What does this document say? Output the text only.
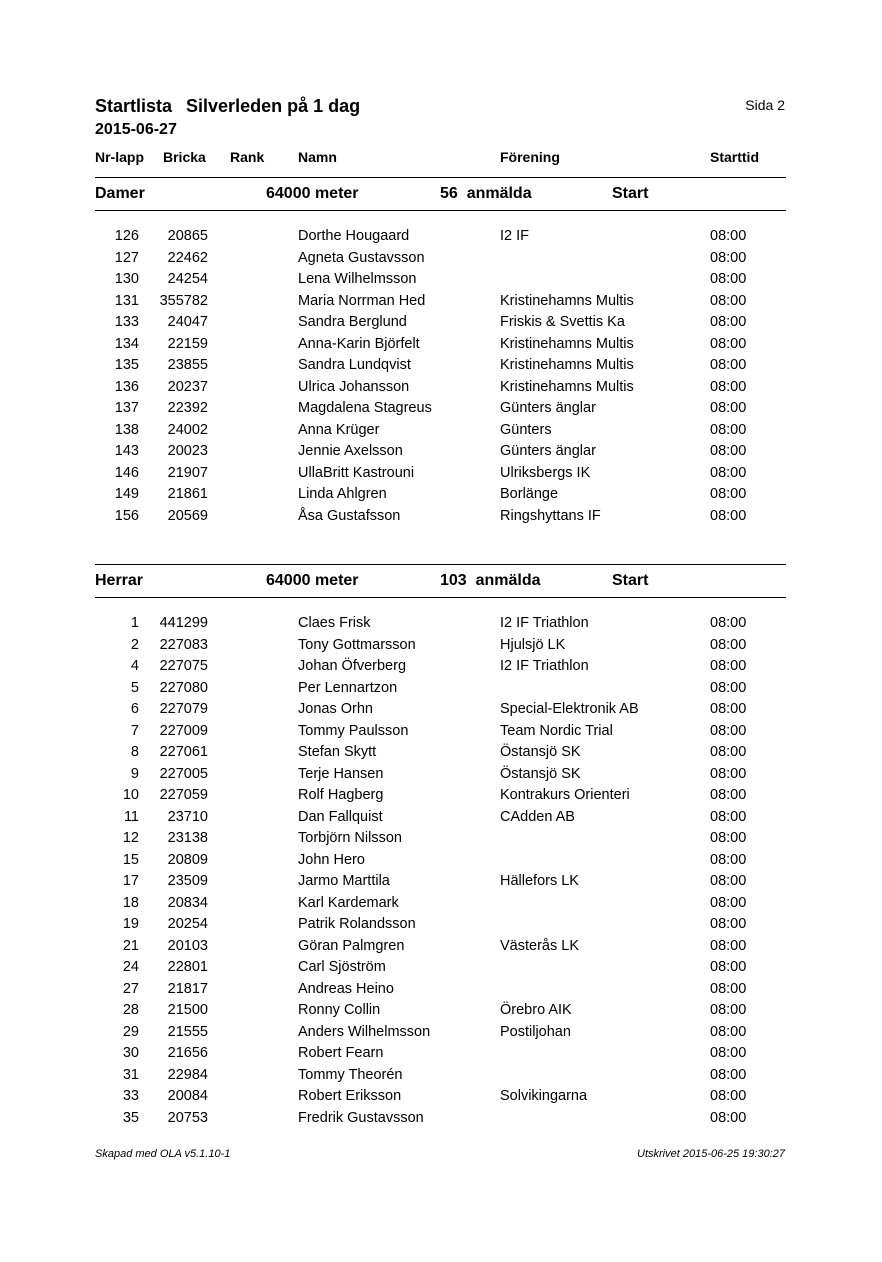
Startlista Silverleden på 1 dag
2015-06-27
Sida 2
Nr-lapp Bricka Rank Namn	Förening	Starttid
Damer	64000 meter	56 anmälda	Start
126 20865	Dorthe Hougaard	I2 IF	08:00
127 22462	Agneta Gustavsson	08:00
130 24254	Lena Wilhelmsson	08:00
131 355782	Maria Norrman Hed	Kristinehamns Multis	08:00
133 24047	Sandra Berglund	Friskis & Svettis Ka	08:00
134 22159	Anna-Karin Björfelt	Kristinehamns Multis	08:00
135 23855	Sandra Lundqvist	Kristinehamns Multis	08:00
136 20237	Ulrica Johansson	Kristinehamns Multis	08:00
137 22392	Magdalena Stagreus	Günters änglar	08:00
138 24002	Anna Krüger	Günters	08:00
143 20023	Jennie Axelsson	Günters änglar	08:00
146 21907	UllaBritt Kastrouni	Ulriksbergs IK	08:00
149 21861	Linda Ahlgren	Borlänge	08:00
156 20569	Åsa Gustafsson	Ringshyttans IF	08:00
Herrar	64000 meter	103 anmälda	Start
1 441299	Claes Frisk	I2 IF Triathlon	08:00
2 227083	Tony Gottmarsson	Hjulsjö LK	08:00
4 227075	Johan Öfverberg	I2 IF Triathlon	08:00
5 227080	Per Lennartzon	08:00
6 227079	Jonas Orhn	Special-Elektronik AB	08:00
7 227009	Tommy Paulsson	Team Nordic Trial	08:00
8 227061	Stefan Skytt	Östansjö SK	08:00
9 227005	Terje Hansen	Östansjö SK	08:00
10 227059	Rolf Hagberg	Kontrakurs Orienteri	08:00
11 23710	Dan Fallquist	CAdden AB	08:00
12 23138	Torbjörn Nilsson	08:00
15 20809	John Hero	08:00
17 23509	Jarmo Marttila	Hällefors LK	08:00
18 20834	Karl Kardemark	08:00
19 20254	Patrik Rolandsson	08:00
21 20103	Göran Palmgren	Västerås LK	08:00
24 22801	Carl Sjöström	08:00
27 21817	Andreas Heino	08:00
28 21500	Ronny Collin	Örebro AIK	08:00
29 21555	Anders Wilhelmsson	Postiljohan	08:00
30 21656	Robert Fearn	08:00
31 22984	Tommy Theorén	08:00
33 20084	Robert Eriksson	Solvikingarna	08:00
35 20753	Fredrik Gustavsson	08:00
Skapad med OLA v5.1.10-1	Utskrivet 2015-06-25 19:30:27
